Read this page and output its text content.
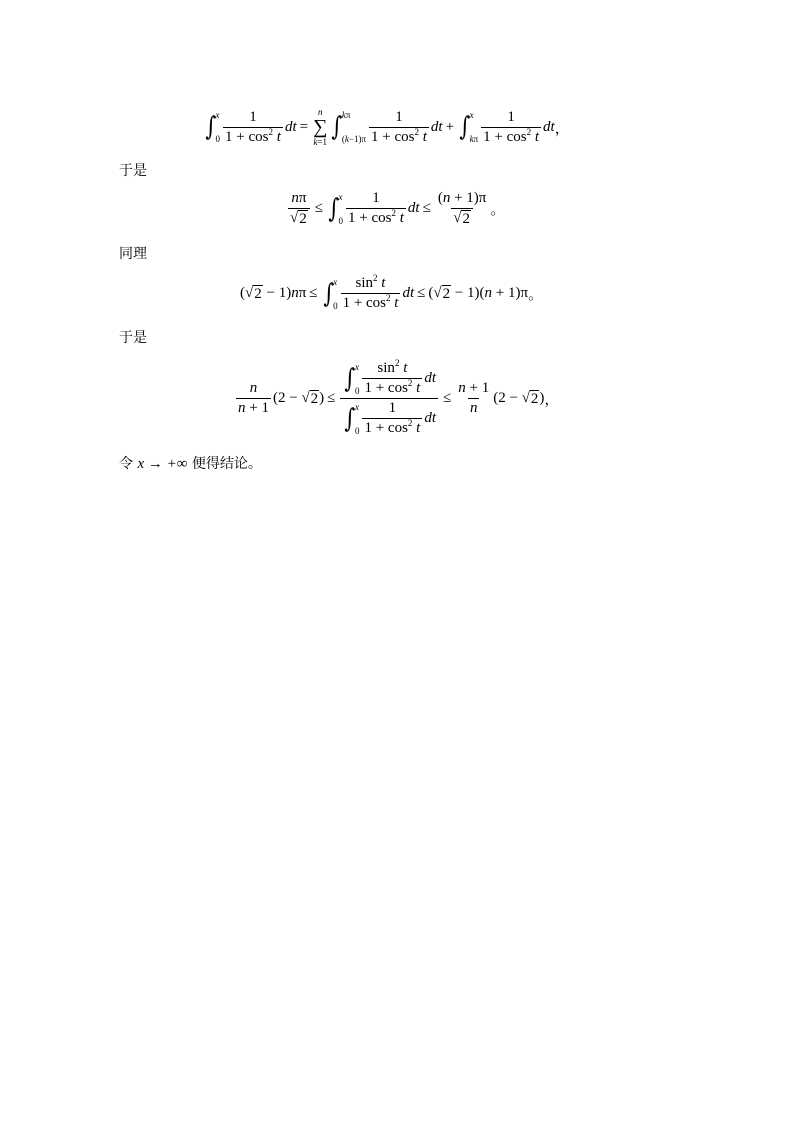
∫ x
$0 \frac{1}{1 + \cos^2 t}$ dt =
n
∑
k=1 ∫ kπ
$(k-1)\pi \frac{1}{1 + \cos^2 t}$ dt + ∫ x
kπ $\frac{1}{1 + \cos^2 t}$ dt ，
于是
$\frac{n\pi}{√ 2}$ ≤ ∫ x
$0 \frac{1}{1 + \cos^2 t}$ dt ≤ $\frac{(n + 1)\pi}{√ 2}$ 。
同理
( √ 2 − 1)nπ ≤ ∫ x
$0 \frac{\sin^2 t}{1 + \cos^2 t}$ dt ≤ ( √ 2 − 1)(n + 1)π 。
于是
$\frac{n}{n + 1} (2$ − √ 2 ) ≤ ∫ x
$0 \frac{\sin^2 t}{1 + \cos^2 t}$ dt
∫ x
$0 \frac{1}{1 + \cos^2 t}$ dt ≤ $\frac{n + 1}{n} (2$ − √ 2 ) ，
令 x → +∞ 便得结论。
